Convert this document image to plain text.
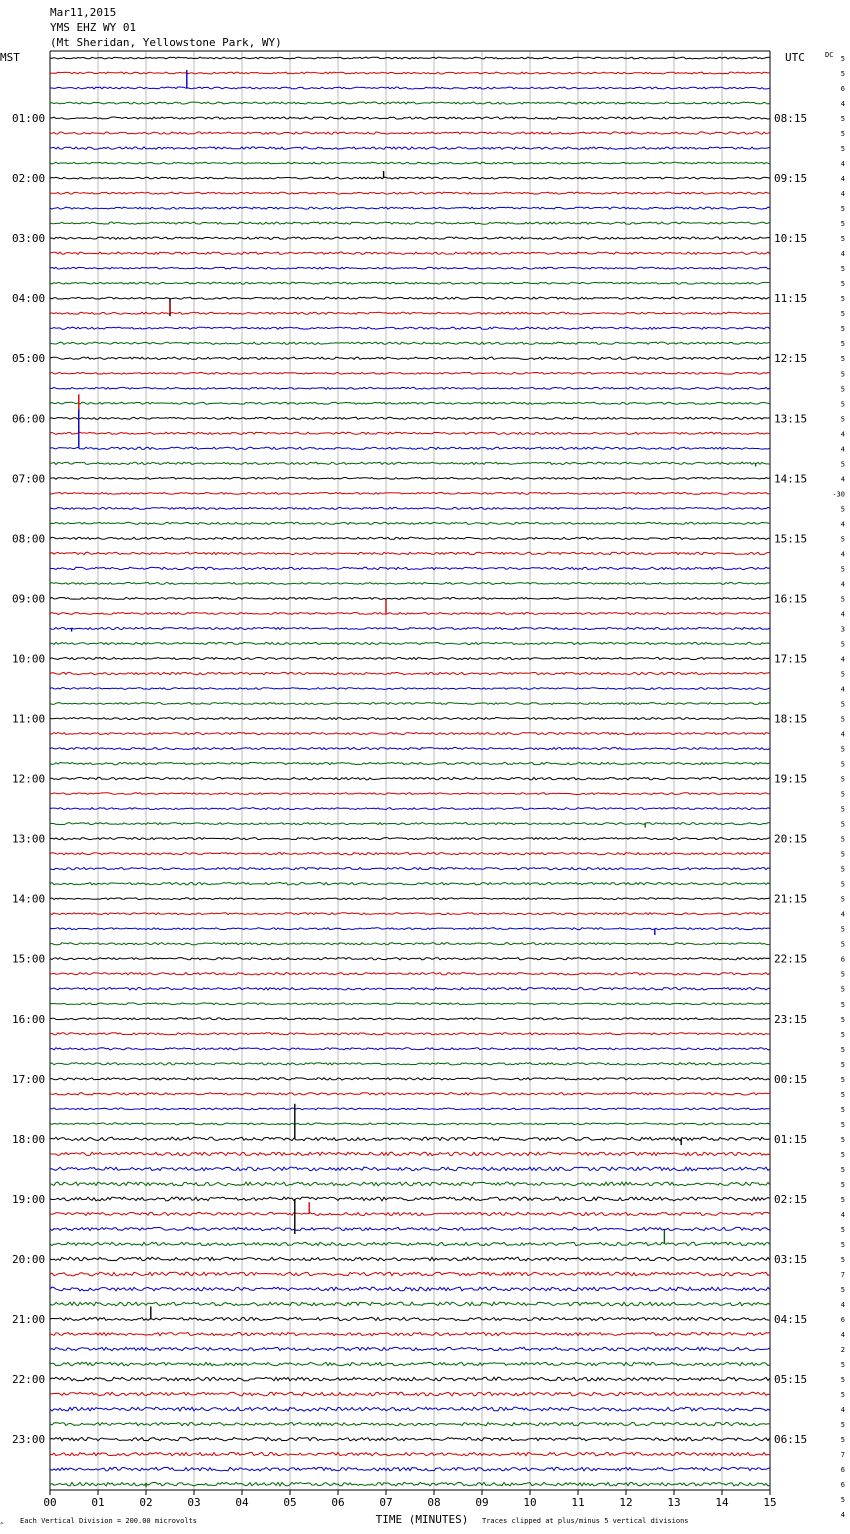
Mar11,2015
YMS EHZ WY 01
(Mt Sheridan, Yellowstone Park, WY)
MST	UTC	DC
01:00
02:00
03:00
04:00
05:00
06:00
07:00
08:00
09:00
10:00
11:00
12:00
13:00
14:00
15:00
16:00
17:00
18:00
19:00
20:00
21:00
22:00
23:00
08:15
09:15
10:15
11:15
12:15
13:15
14:15
15:15
16:15
17:15
18:15
19:15
20:15
21:15
22:15
23:15
00:15
01:15
02:15
03:15
04:15
05:15
06:15
5
5
6
4
5
5
5
4
4
4
5
5
5
4
5
5
5
5
5
5
5
5
5
5
5
4
4
5
4
-30
5
4
5
4
5
4
5
4
3
5
4
5
4
5
5
4
5
5
5
5
5
5
5
5
5
5
5
4
5
5
6
5
5
5
5
5
5
5
5
5
5
5
5
5
5
5
5
4
5
5
5
7
5
4
6
4
2
5
5
5
4
5
5
7
6
6
5
4
00	01	02	03	04	05	06	07	08	09	10	11	12	13	14	15
TIME (MINUTES)
Each Vertical Division = 200.00 microvolts	Traces clipped at plus/minus 5 vertical divisions
^
